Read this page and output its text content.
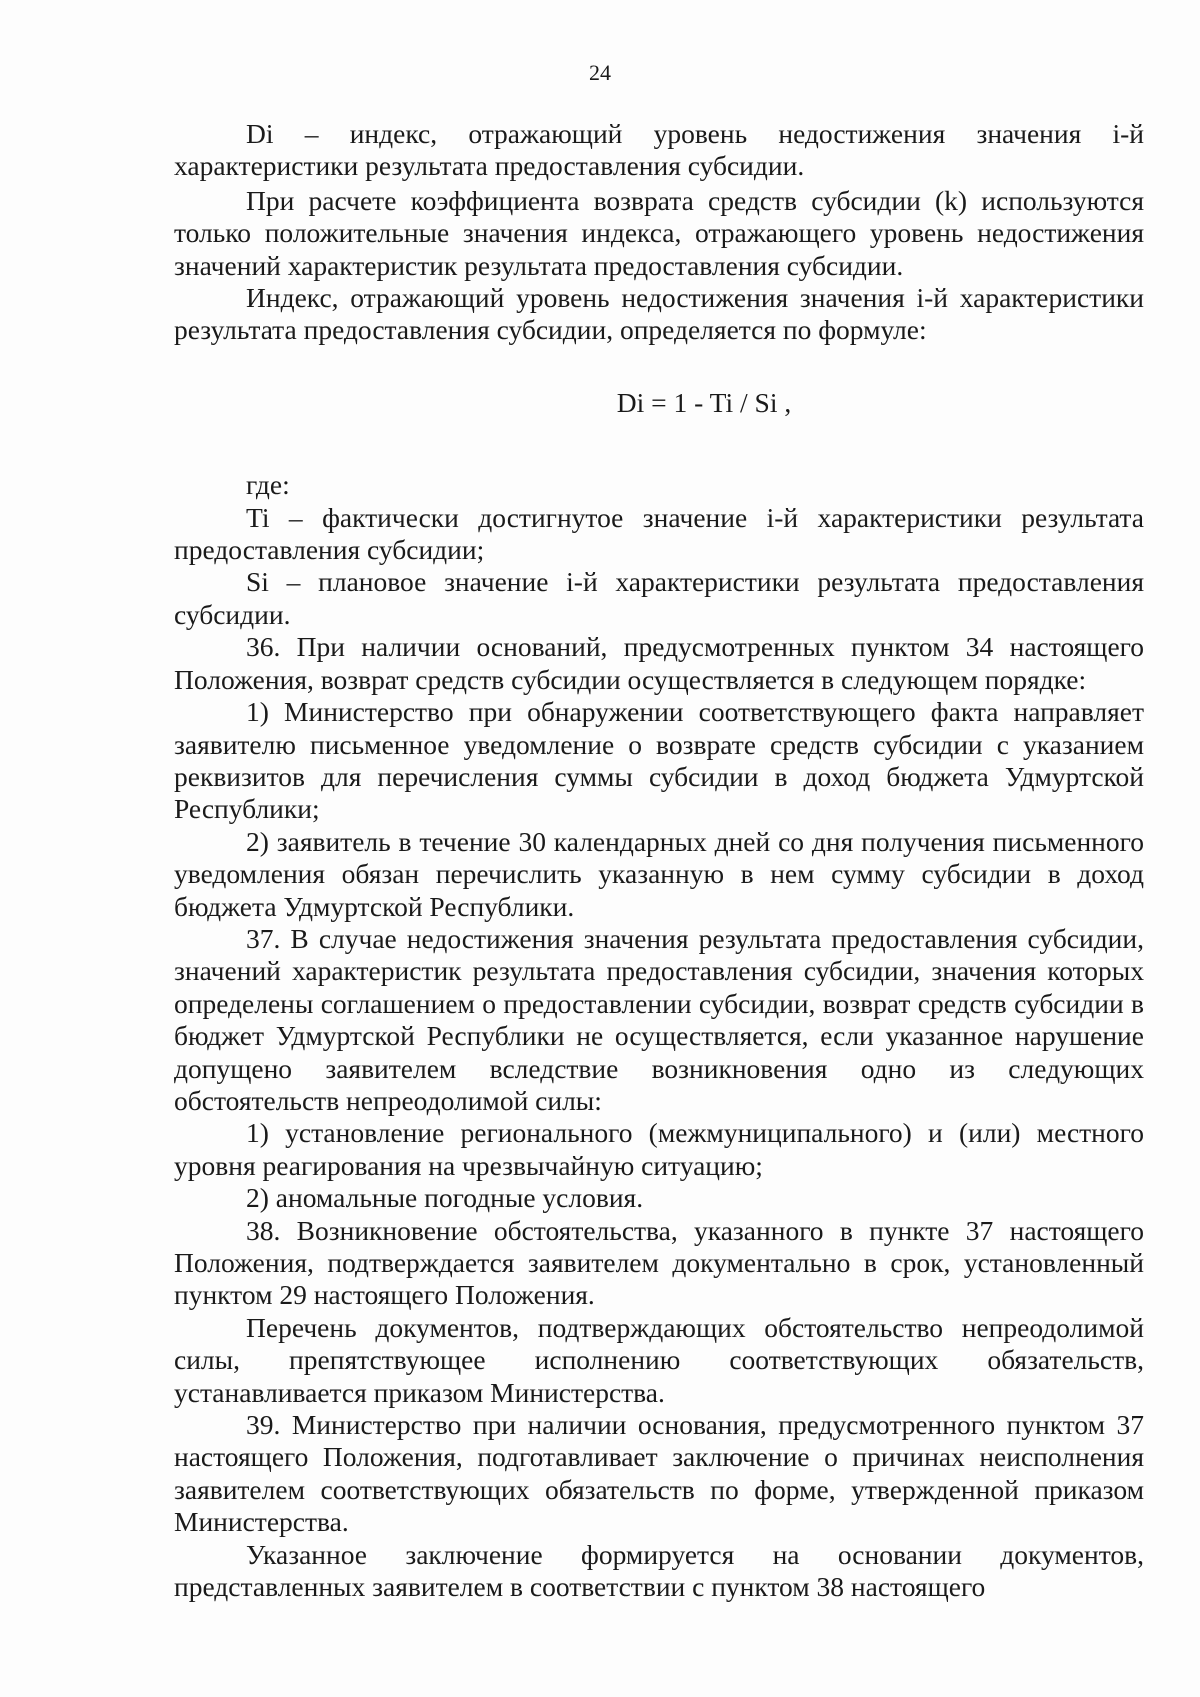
24

Di – индекс, отражающий уровень недостижения значения i-й характеристики результата предоставления субсидии.

При расчете коэффициента возврата средств субсидии (k) используются только положительные значения индекса, отражающего уровень недостижения значений характеристик результата предоставления субсидии.

Индекс, отражающий уровень недостижения значения i-й характеристики результата предоставления субсидии, определяется по формуле:

Di = 1 - Ti / Si ,

где:

Ti – фактически достигнутое значение i-й характеристики результата предоставления субсидии;

Si – плановое значение i-й характеристики результата предоставления субсидии.

36. При наличии оснований, предусмотренных пунктом 34 настоящего Положения, возврат средств субсидии осуществляется в следующем порядке:

1) Министерство при обнаружении соответствующего факта направляет заявителю письменное уведомление о возврате средств субсидии с указанием реквизитов для перечисления суммы субсидии в доход бюджета Удмуртской Республики;

2) заявитель в течение 30 календарных дней со дня получения письменного уведомления обязан перечислить указанную в нем сумму субсидии в доход бюджета Удмуртской Республики.

37. В случае недостижения значения результата предоставления субсидии, значений характеристик результата предоставления субсидии, значения которых определены соглашением о предоставлении субсидии, возврат средств субсидии в бюджет Удмуртской Республики не осуществляется, если указанное нарушение допущено заявителем вследствие возникновения одно из следующих обстоятельств непреодолимой силы:

1) установление регионального (межмуниципального) и (или) местного уровня реагирования на чрезвычайную ситуацию;

2) аномальные погодные условия.

38. Возникновение обстоятельства, указанного в пункте 37 настоящего Положения, подтверждается заявителем документально в срок, установленный пунктом 29 настоящего Положения.

Перечень документов, подтверждающих обстоятельство непреодолимой силы, препятствующее исполнению соответствующих обязательств, устанавливается приказом Министерства.

39. Министерство при наличии основания, предусмотренного пунктом 37 настоящего Положения, подготавливает заключение о причинах неисполнения заявителем соответствующих обязательств по форме, утвержденной приказом Министерства.

Указанное заключение формируется на основании документов, представленных заявителем в соответствии с пунктом 38 настоящего
